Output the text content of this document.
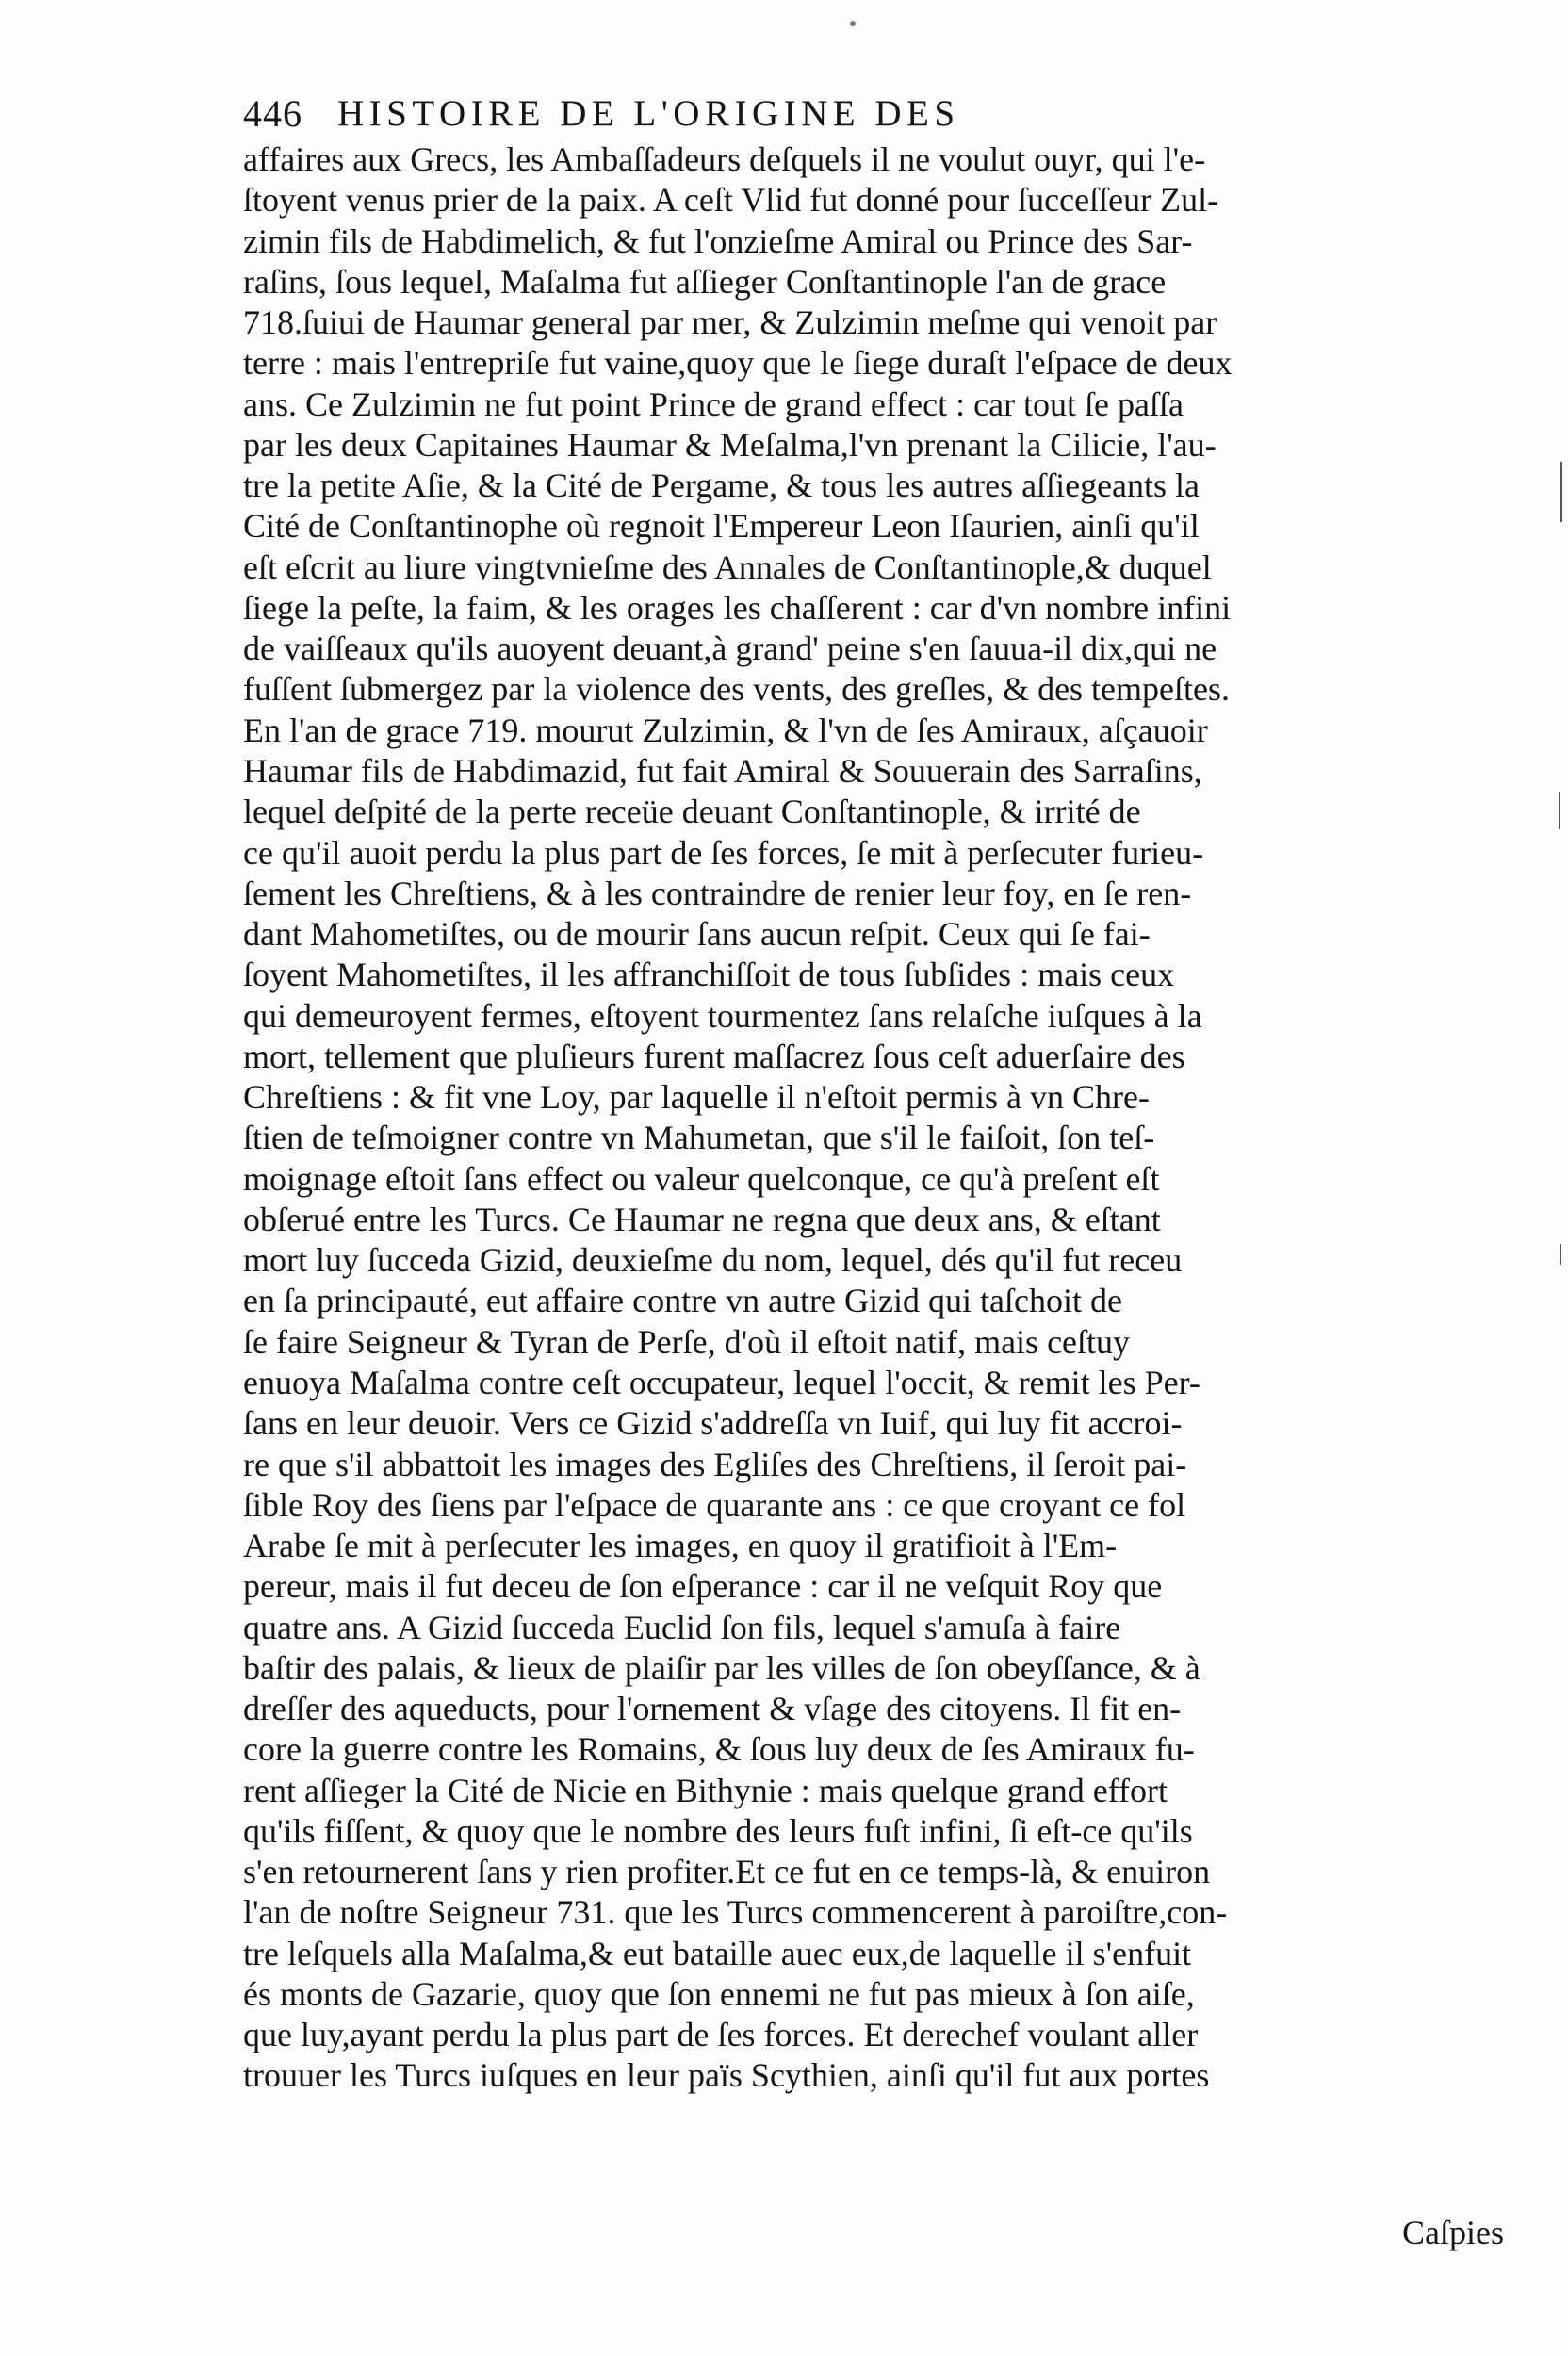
446 HISTOIRE DE L'ORIGINE DES
affaires aux Grecs, les Ambaſſadeurs deſquels il ne voulut ouyr, qui l'e-
ſtoyent venus prier de la paix. A ceſt Vlid fut donné pour ſucceſſeur Zul-
zimin fils de Habdimelich, & fut l'onzieſme Amiral ou Prince des Sar-
raſins, ſous lequel, Maſalma fut aſſieger Conſtantinople l'an de grace
718.ſuiui de Haumar general par mer, & Zulzimin meſme qui venoit par
terre : mais l'entrepriſe fut vaine,quoy que le ſiege duraſt l'eſpace de deux
ans. Ce Zulzimin ne fut point Prince de grand effect : car tout ſe paſſa
par les deux Capitaines Haumar & Meſalma,l'vn prenant la Cilicie, l'au-
tre la petite Aſie, & la Cité de Pergame, & tous les autres aſſiegeants la
Cité de Conſtantinophe où regnoit l'Empereur Leon Iſaurien, ainſi qu'il
eſt eſcrit au liure vingtvnieſme des Annales de Conſtantinople,& duquel
ſiege la peſte, la faim, & les orages les chaſſerent : car d'vn nombre infini
de vaiſſeaux qu'ils auoyent deuant,à grand' peine s'en ſauua-il dix,qui ne
fuſſent ſubmergez par la violence des vents, des greſles, & des tempeſtes.
En l'an de grace 719. mourut Zulzimin, & l'vn de ſes Amiraux, aſçauoir
Haumar fils de Habdimazid, fut fait Amiral & Souuerain des Sarraſins,
lequel deſpité de la perte receüe deuant Conſtantinople, & irrité de
ce qu'il auoit perdu la plus part de ſes forces, ſe mit à perſecuter furieu-
ſement les Chreſtiens, & à les contraindre de renier leur foy, en ſe ren-
dant Mahometiſtes, ou de mourir ſans aucun reſpit. Ceux qui ſe fai-
ſoyent Mahometiſtes, il les affranchiſſoit de tous ſubſides : mais ceux
qui demeuroyent fermes, eſtoyent tourmentez ſans relaſche iuſques à la
mort, tellement que pluſieurs furent maſſacrez ſous ceſt aduerſaire des
Chreſtiens : & fit vne Loy, par laquelle il n'eſtoit permis à vn Chre-
ſtien de teſmoigner contre vn Mahumetan, que s'il le faiſoit, ſon teſ-
moignage eſtoit ſans effect ou valeur quelconque, ce qu'à preſent eſt
obſerué entre les Turcs. Ce Haumar ne regna que deux ans, & eſtant
mort luy ſucceda Gizid, deuxieſme du nom, lequel, dés qu'il fut receu
en ſa principauté, eut affaire contre vn autre Gizid qui taſchoit de
ſe faire Seigneur & Tyran de Perſe, d'où il eſtoit natif, mais ceſtuy
enuoya Maſalma contre ceſt occupateur, lequel l'occit, & remit les Per-
ſans en leur deuoir. Vers ce Gizid s'addreſſa vn Iuif, qui luy fit accroi-
re que s'il abbattoit les images des Egliſes des Chreſtiens, il ſeroit pai-
ſible Roy des ſiens par l'eſpace de quarante ans : ce que croyant ce fol
Arabe ſe mit à perſecuter les images, en quoy il gratifioit à l'Em-
pereur, mais il fut deceu de ſon eſperance : car il ne veſquit Roy que
quatre ans. A Gizid ſucceda Euclid ſon fils, lequel s'amuſa à faire
baſtir des palais, & lieux de plaiſir par les villes de ſon obeyſſance, & à
dreſſer des aqueducts, pour l'ornement & vſage des citoyens. Il fit en-
core la guerre contre les Romains, & ſous luy deux de ſes Amiraux fu-
rent aſſieger la Cité de Nicie en Bithynie : mais quelque grand effort
qu'ils fiſſent, & quoy que le nombre des leurs fuſt infini, ſi eſt-ce qu'ils
s'en retournerent ſans y rien profiter.Et ce fut en ce temps-là, & enuiron
l'an de noſtre Seigneur 731. que les Turcs commencerent à paroiſtre,con-
tre leſquels alla Maſalma,& eut bataille auec eux,de laquelle il s'enfuit
és monts de Gazarie, quoy que ſon ennemi ne fut pas mieux à ſon aiſe,
que luy,ayant perdu la plus part de ſes forces. Et derechef voulant aller
trouuer les Turcs iuſques en leur païs Scythien, ainſi qu'il fut aux portes
Caſpies
